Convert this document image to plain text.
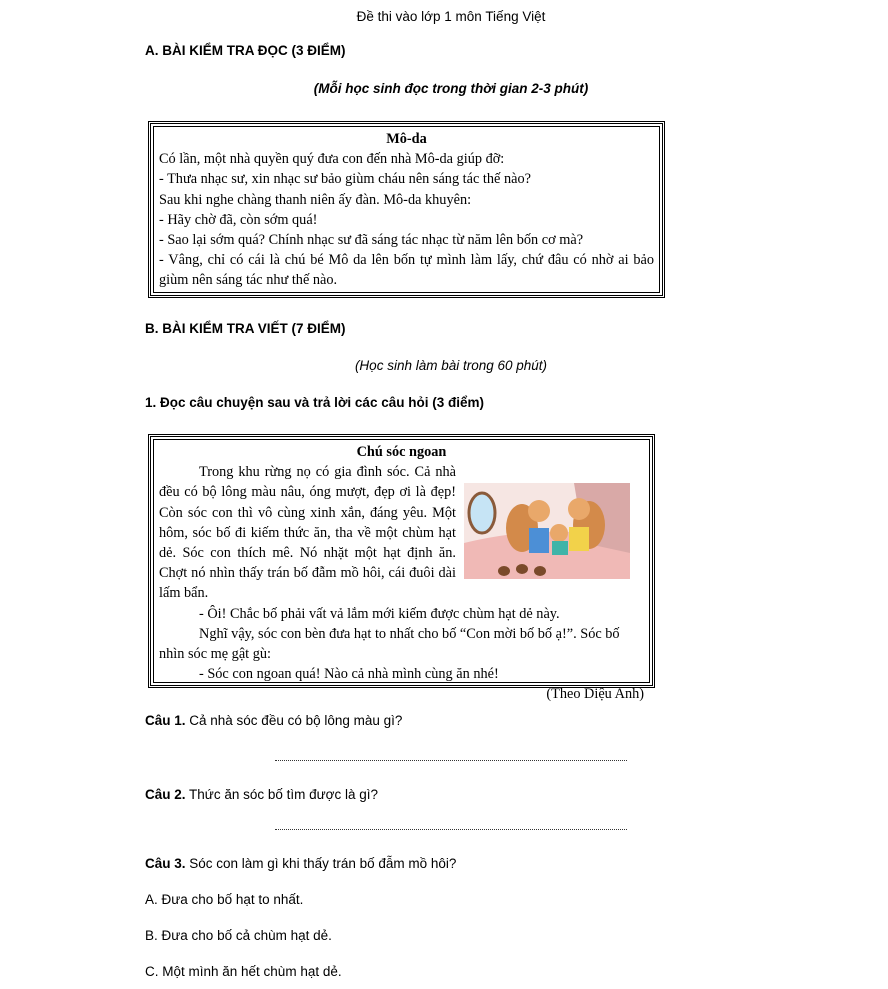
Đề thi vào lớp 1 môn Tiếng Việt
A. BÀI KIỂM TRA ĐỌC (3 ĐIỂM)
(Mỗi học sinh đọc trong thời gian 2-3 phút)
Mô-da
Có lần, một nhà quyền quý đưa con đến nhà Mô-da giúp đỡ:
- Thưa nhạc sư, xin nhạc sư bảo giùm cháu nên sáng tác thế nào?
Sau khi nghe chàng thanh niên ấy đàn. Mô-da khuyên:
- Hãy chờ đã, còn sớm quá!
- Sao lại sớm quá? Chính nhạc sư đã sáng tác nhạc từ năm lên bốn cơ mà?
- Vâng, chỉ có cái là chú bé Mô da lên bốn tự mình làm lấy, chứ đâu có nhờ ai bảo giùm nên sáng tác như thế nào.
B. BÀI KIỂM TRA VIẾT (7 ĐIỂM)
(Học sinh làm bài trong 60 phút)
1. Đọc câu chuyện sau và trả lời các câu hỏi (3 điểm)
Chú sóc ngoan
Trong khu rừng nọ có gia đình sóc. Cả nhà đều có bộ lông màu nâu, óng mượt, đẹp ơi là đẹp! Còn sóc con thì vô cùng xinh xắn, đáng yêu. Một hôm, sóc bố đi kiếm thức ăn, tha về một chùm hạt dẻ. Sóc con thích mê. Nó nhặt một hạt định ăn. Chợt nó nhìn thấy trán bố đẫm mồ hôi, cái đuôi dài lấm bẩn.
- Ôi! Chắc bố phải vất vả lắm mới kiếm được chùm hạt dẻ này.
Nghĩ vậy, sóc con bèn đưa hạt to nhất cho bố “Con mời bố bố ạ!”. Sóc bố nhìn sóc mẹ gật gù:
- Sóc con ngoan quá! Nào cả nhà mình cùng ăn nhé!
(Theo Diệu Anh)
Câu 1. Cả nhà sóc đều có bộ lông màu gì?
Câu 2. Thức ăn sóc bố tìm được là gì?
Câu 3. Sóc con làm gì khi thấy trán bố đẫm mồ hôi?
A. Đưa cho bố hạt to nhất.
B. Đưa cho bố cả chùm hạt dẻ.
C. Một mình ăn hết chùm hạt dẻ.
